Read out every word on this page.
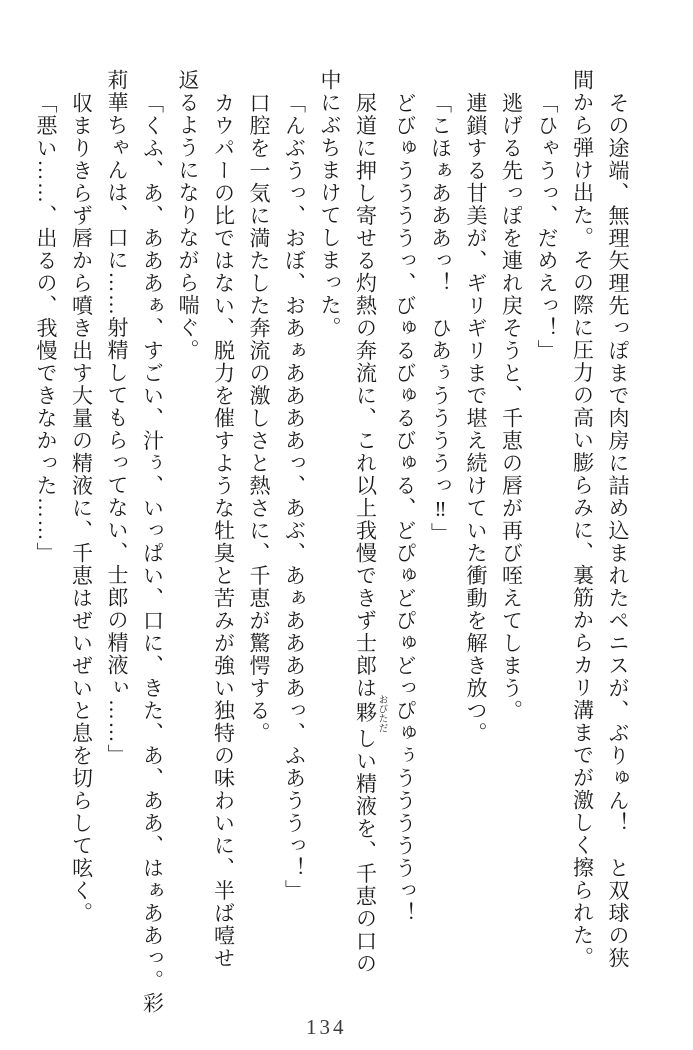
その途端、無理矢理先っぽまで肉房に詰め込まれたペニスが、ぶりゅん！　と双球の狭

間から弾け出た。その際に圧力の高い膨らみに、裏筋からカリ溝までが激しく擦られた。

「ひゃうっ、だめえっ！」

逃げる先っぽを連れ戻そうと、千恵の唇が再び咥えてしまう。

連鎖する甘美が、ギリギリまで堪え続けていた衝動を解き放つ。

「こほぁあああっ！　ひあぅううううっ‼」

どびゅううううっ、びゅるびゅるびゅる、どぴゅどぴゅどっぴゅぅうううううっ！

尿道に押し寄せる灼熱の奔流に、これ以上我慢できず士郎は夥 おびただしい精液を、千恵の口の

中にぶちまけてしまった。

「んぶうっ、おぼ、おあぁああああっ、あぶ、あぁああああっ、ふあううっ！」

口腔を一気に満たした奔流の激しさと熱さに、千恵が驚愕する。

カウパーの比ではない、脱力を催すような牡臭と苦みが強い独特の味わいに、半ば噎せ

返るようになりながら喘ぐ。

「くふ、あ、あああぁ、すごい、汁ぅ、いっぱい、口に、きた、あ、ああ、はぁああっ。彩

莉華ちゃんは、口に……射精してもらってない、士郎の精液ぃ……」

収まりきらず唇から噴き出す大量の精液に、千恵はぜいぜいと息を切らして呟く。

「悪い……、出るの、我慢できなかった……」

134
